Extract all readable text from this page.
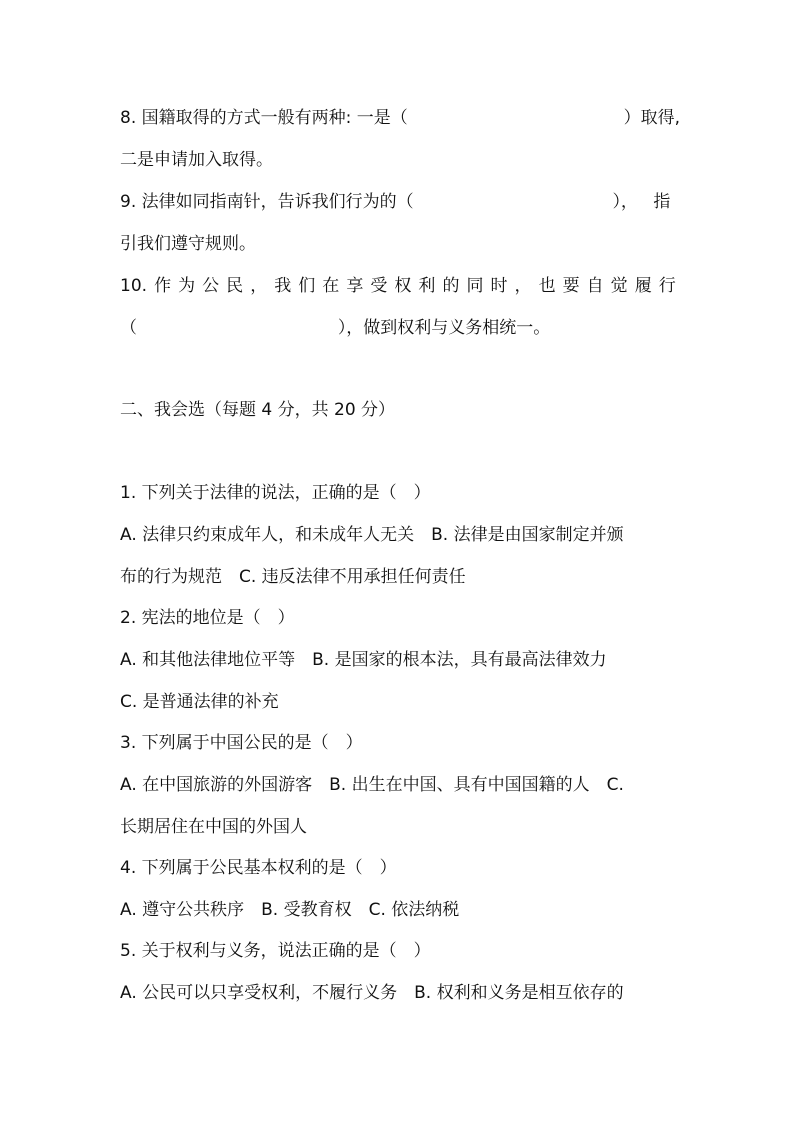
8. 国籍取得的方式一般有两种: 一是（	）取得,
二是申请加入取得。
9. 法律如同指南针，告诉我们行为的（	）， 指
引我们遵守规则。
10. 作 为 公 民 ， 我 们 在 享 受 权 利 的 同 时 ， 也 要 自 觉 履 行
（	），做到权利与义务相统一。
二、我会选（每题 4 分，共 20 分）
1. 下列关于法律的说法，正确的是（　）
A. 法律只约束成年人，和未成年人无关　B. 法律是由国家制定并颁
布的行为规范　C. 违反法律不用承担任何责任
2. 宪法的地位是（　）
A. 和其他法律地位平等　B. 是国家的根本法，具有最高法律效力
C. 是普通法律的补充
3. 下列属于中国公民的是（　）
A. 在中国旅游的外国游客　B. 出生在中国、具有中国国籍的人　C.
长期居住在中国的外国人
4. 下列属于公民基本权利的是（　）
A. 遵守公共秩序　B. 受教育权　C. 依法纳税
5. 关于权利与义务，说法正确的是（　）
A. 公民可以只享受权利，不履行义务　B. 权利和义务是相互依存的
